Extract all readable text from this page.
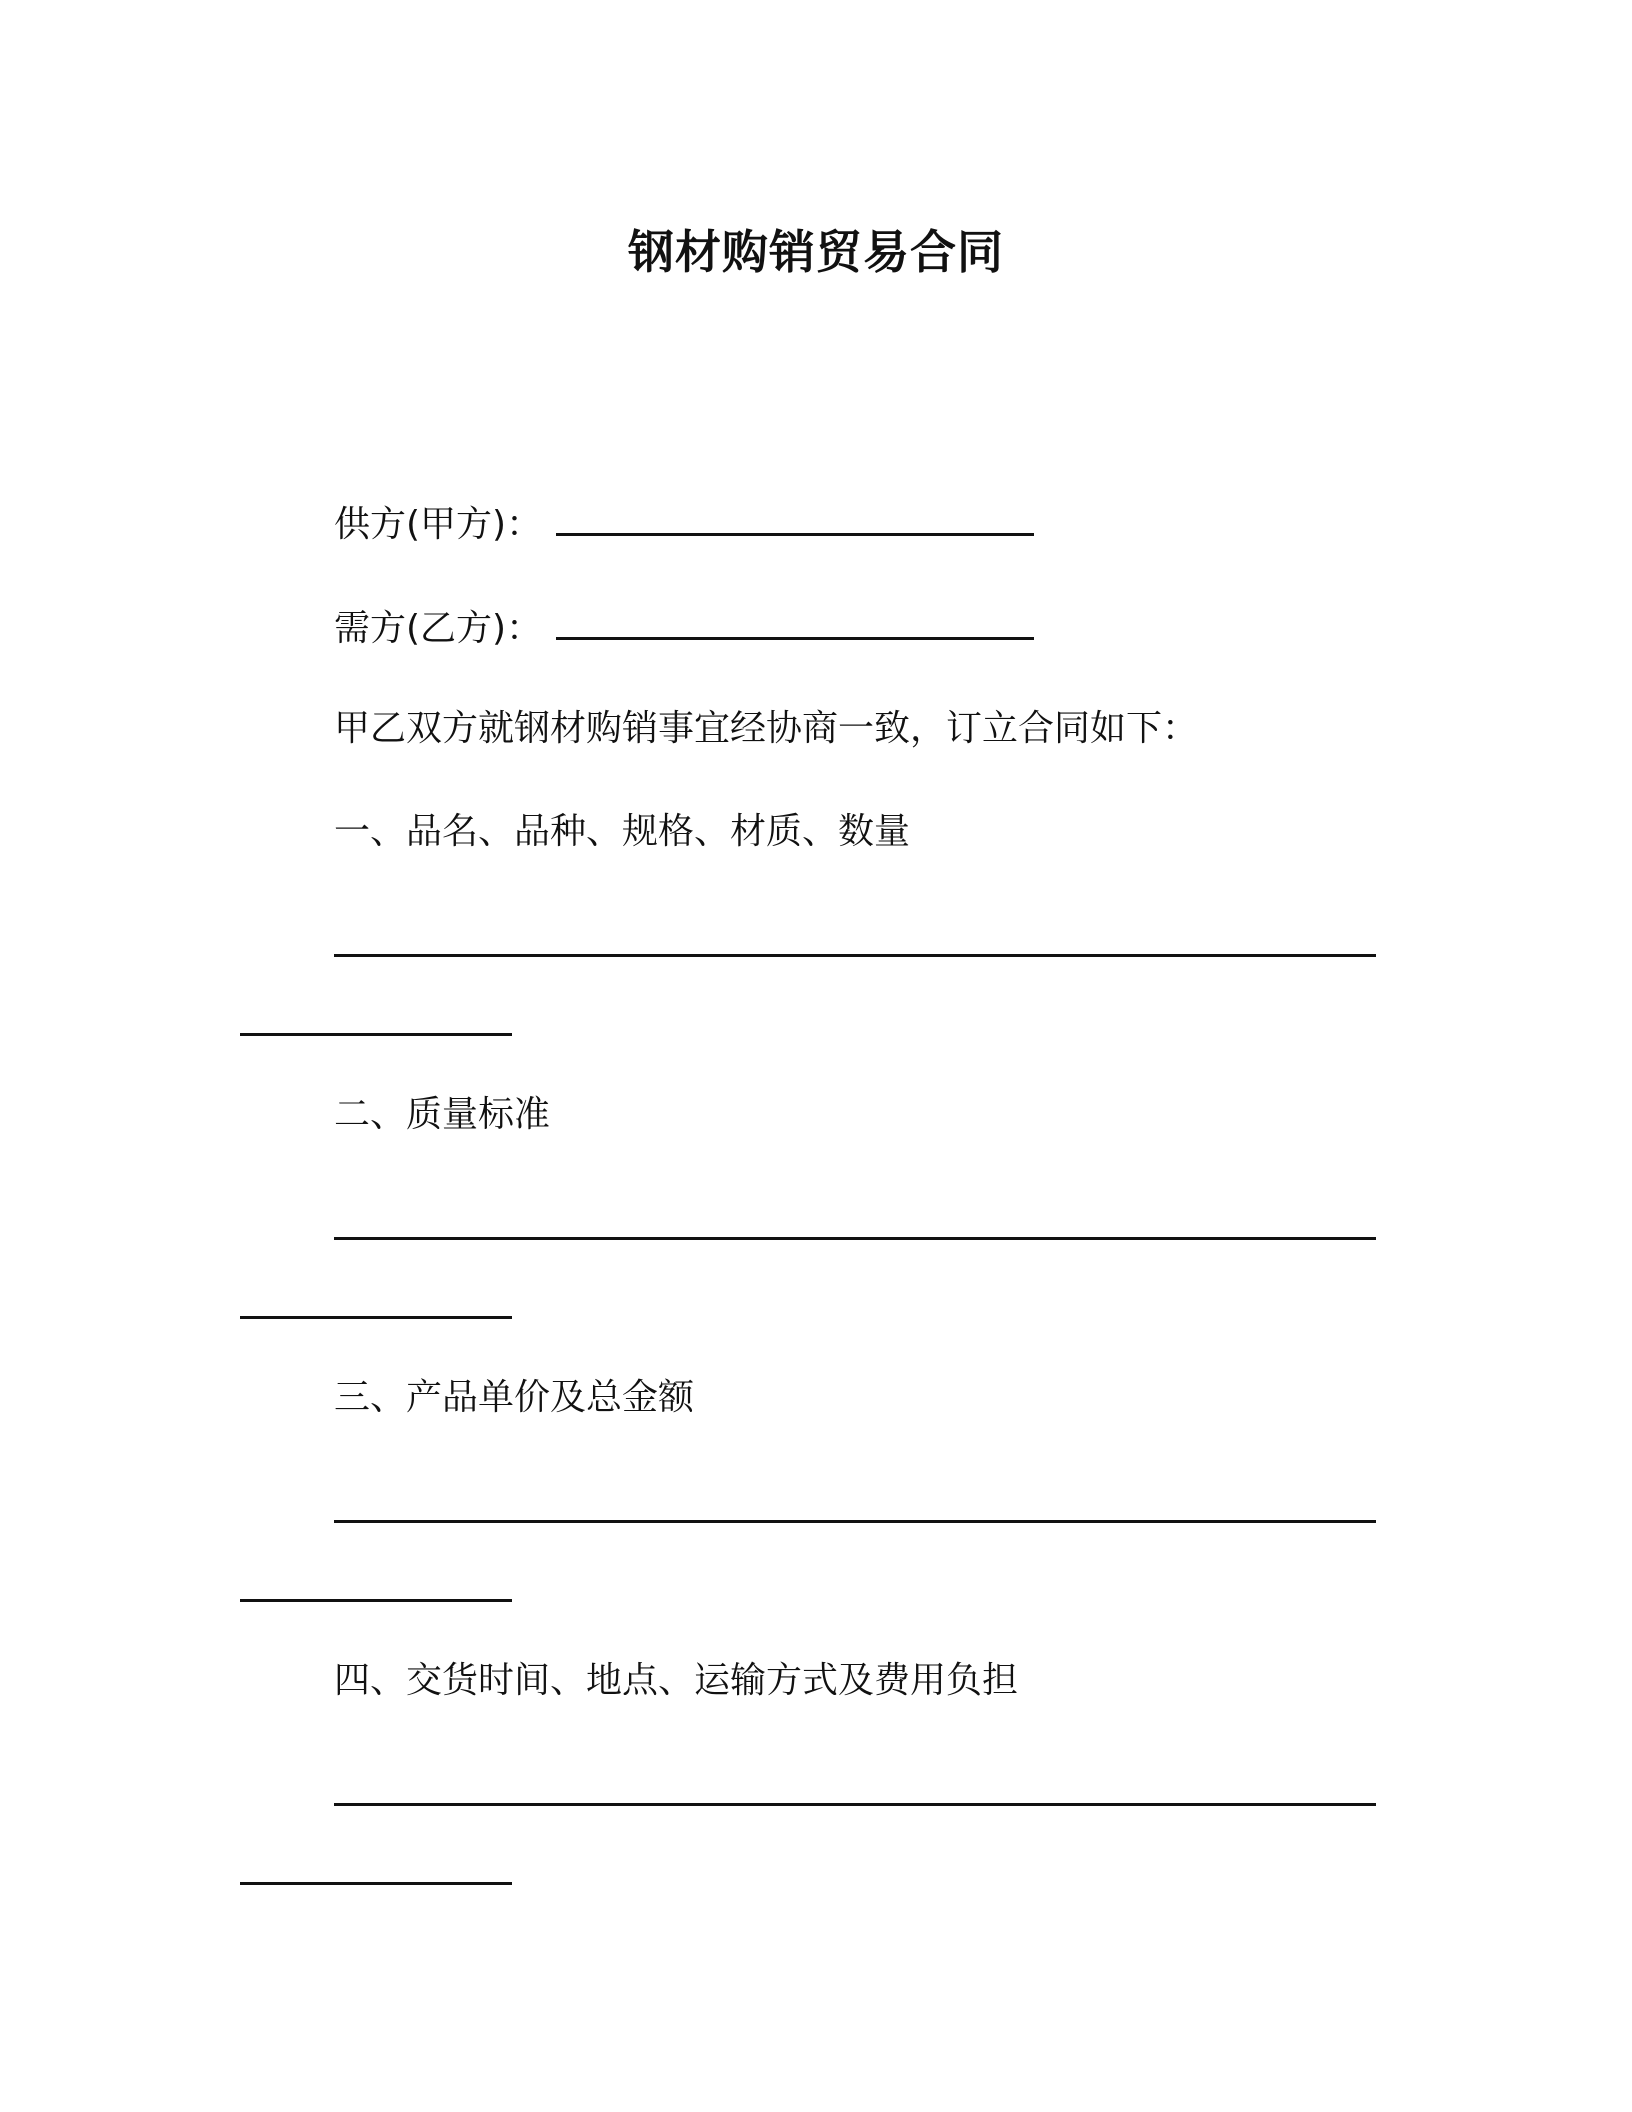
钢材购销贸易合同
供方(甲方)：
需方(乙方)：
甲乙双方就钢材购销事宜经协商一致，订立合同如下：
一、品名、品种、规格、材质、数量
二、质量标准
三、产品单价及总金额
四、交货时间、地点、运输方式及费用负担
